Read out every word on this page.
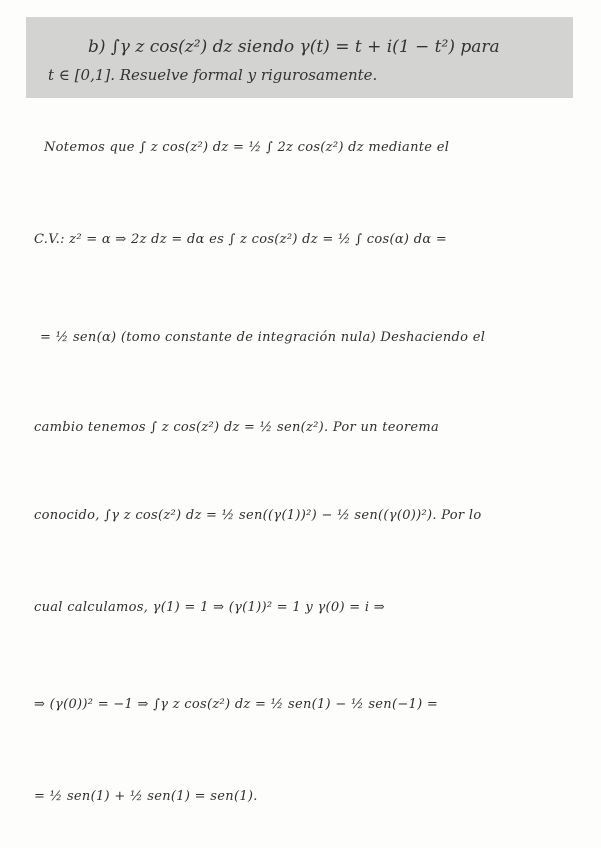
b) ∫γ z cos(z²) dz siendo γ(t) = t + i(1 − t²) para
t ∈ [0,1]. Resuelve formal y rigurosamente.
Notemos que ∫ z cos(z²) dz = ½ ∫ 2z cos(z²) dz mediante el
C.V.: z² = α ⇒ 2z dz = dα es ∫ z cos(z²) dz = ½ ∫ cos(α) dα =
= ½ sen(α) (tomo constante de integración nula) Deshaciendo el
cambio tenemos ∫ z cos(z²) dz = ½ sen(z²). Por un teorema
conocido, ∫γ z cos(z²) dz = ½ sen((γ(1))²) − ½ sen((γ(0))²). Por lo
cual calculamos, γ(1) = 1 ⇒ (γ(1))² = 1 y γ(0) = i ⇒
⇒ (γ(0))² = −1 ⇒ ∫γ z cos(z²) dz = ½ sen(1) − ½ sen(−1) =
= ½ sen(1) + ½ sen(1) = sen(1).
